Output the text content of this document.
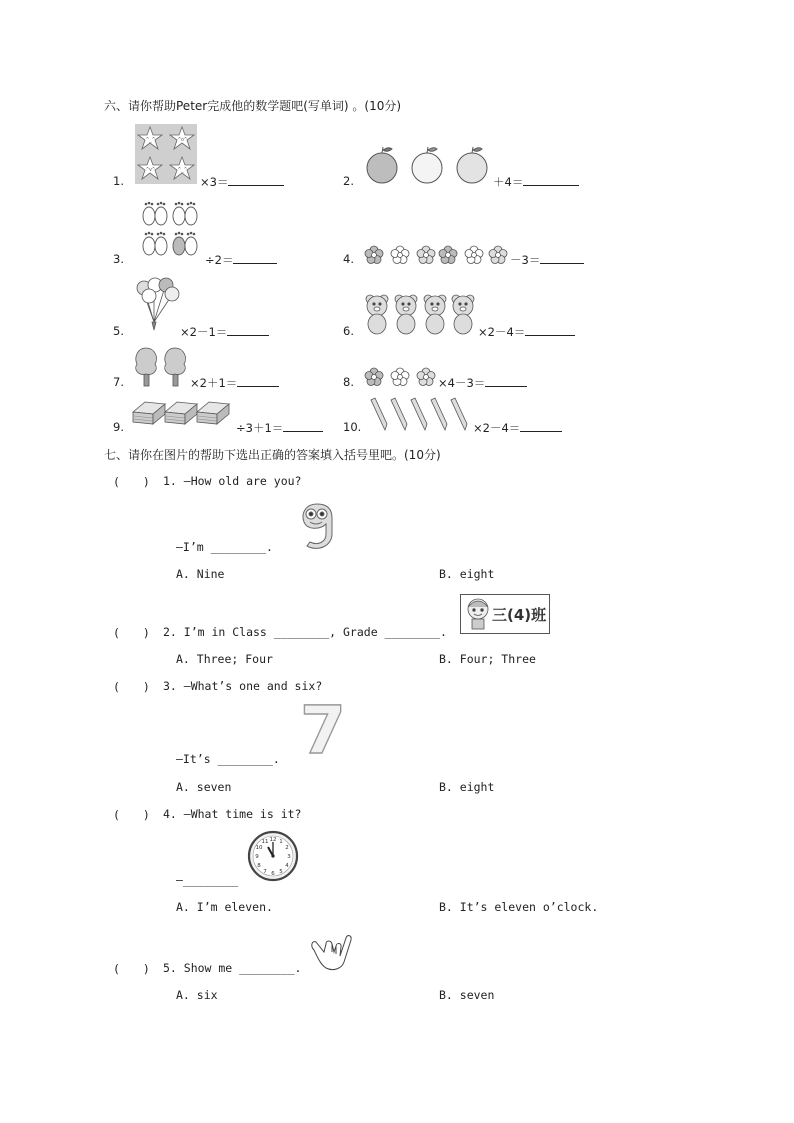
六、请你帮助Peter完成他的数学题吧(写单词) 。(10分)
1.
^_^	^o^
^v^	^_^
×3＝	2.	＋4＝
3.	÷2＝	4.	－3＝
5.	×2－1＝	6.	×2－4＝
7.	×2＋1＝	8.	×4－3＝
9.	÷3＋1＝	10.	×2－4＝
七、请你在图片的帮助下选出正确的答案填入括号里吧。(10分)
(　　) 1. —How old are you?
—I’m ________.
A. Nine	B. eight
(　　) 2. I’m in Class ________, Grade ________.
三(4)班
A. Three; Four	B. Four; Three
(　　) 3. —What’s one and six?
—It’s ________. 7
A. seven	B. eight
(　　) 4. —What time is it?
—________
12 1
2
3
4
5
6
7
8
9
10
11
A. I’m eleven.	B. It’s eleven o’clock.
(　　) 5. Show me ________.
A. six	B. seven
